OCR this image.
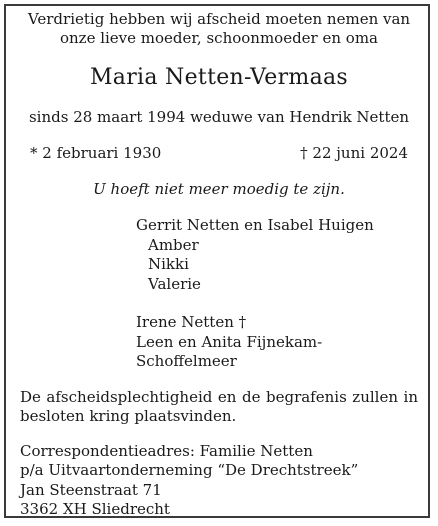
Verdrietig hebben wij afscheid moeten nemen van
onze lieve moeder, schoonmoeder en oma
Maria Netten-Vermaas
sinds 28 maart 1994 weduwe van Hendrik Netten
* 2 februari 1930	† 22 juni 2024
U hoeft niet meer moedig te zijn.
Gerrit Netten en Isabel Huigen
Amber
Nikki
Valerie
Irene Netten †
Leen en Anita Fijnekam-Schoffelmeer
De afscheidsplechtigheid en de begrafenis zullen in
besloten kring plaatsvinden.
Correspondentieadres: Familie Netten
p/a Uitvaartonderneming “De Drechtstreek”
Jan Steenstraat 71
3362 XH Sliedrecht
